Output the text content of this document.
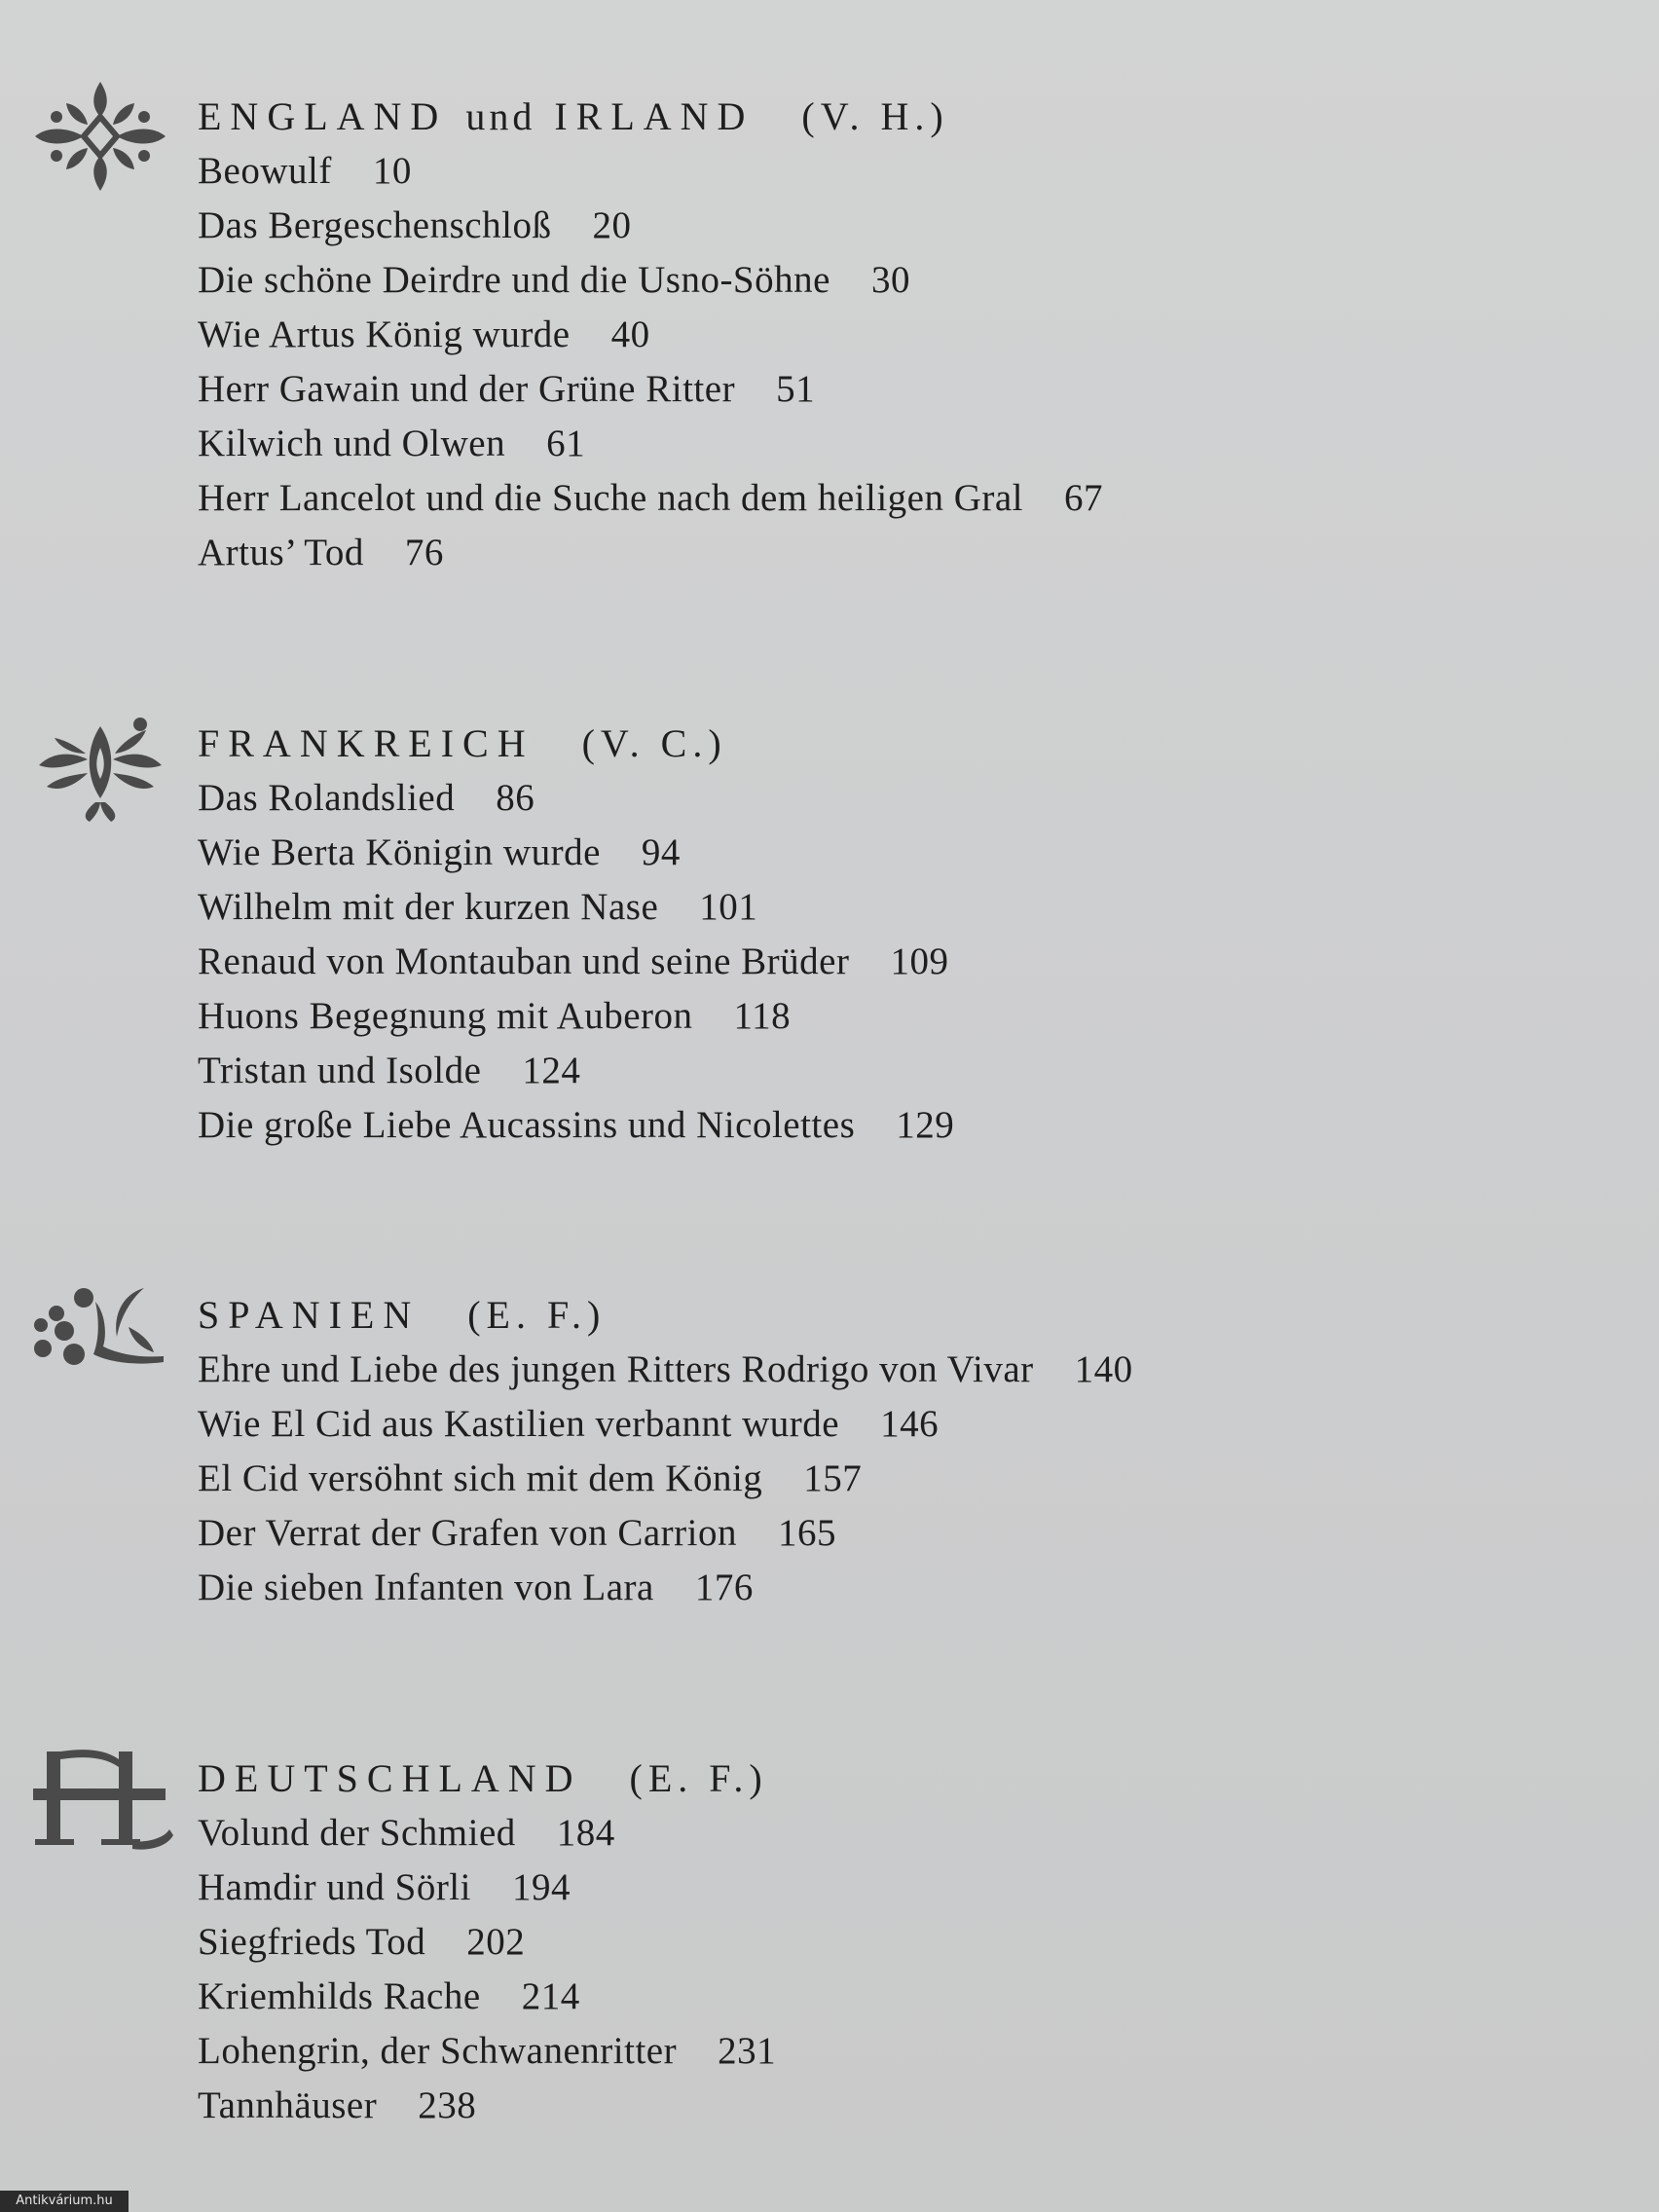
ENGLAND und IRLAND (V. H.)
Beowulf 10
Das Bergeschenschloß 20
Die schöne Deirdre und die Usno-Söhne 30
Wie Artus König wurde 40
Herr Gawain und der Grüne Ritter 51
Kilwich und Olwen 61
Herr Lancelot und die Suche nach dem heiligen Gral 67
Artus’ Tod 76
FRANKREICH (V. C.)
Das Rolandslied 86
Wie Berta Königin wurde 94
Wilhelm mit der kurzen Nase 101
Renaud von Montauban und seine Brüder 109
Huons Begegnung mit Auberon 118
Tristan und Isolde 124
Die große Liebe Aucassins und Nicolettes 129
SPANIEN (E. F.)
Ehre und Liebe des jungen Ritters Rodrigo von Vivar 140
Wie El Cid aus Kastilien verbannt wurde 146
El Cid versöhnt sich mit dem König 157
Der Verrat der Grafen von Carrion 165
Die sieben Infanten von Lara 176
DEUTSCHLAND (E. F.)
Volund der Schmied 184
Hamdir und Sörli 194
Siegfrieds Tod 202
Kriemhilds Rache 214
Lohengrin, der Schwanenritter 231
Tannhäuser 238
Antikvárium.hu
